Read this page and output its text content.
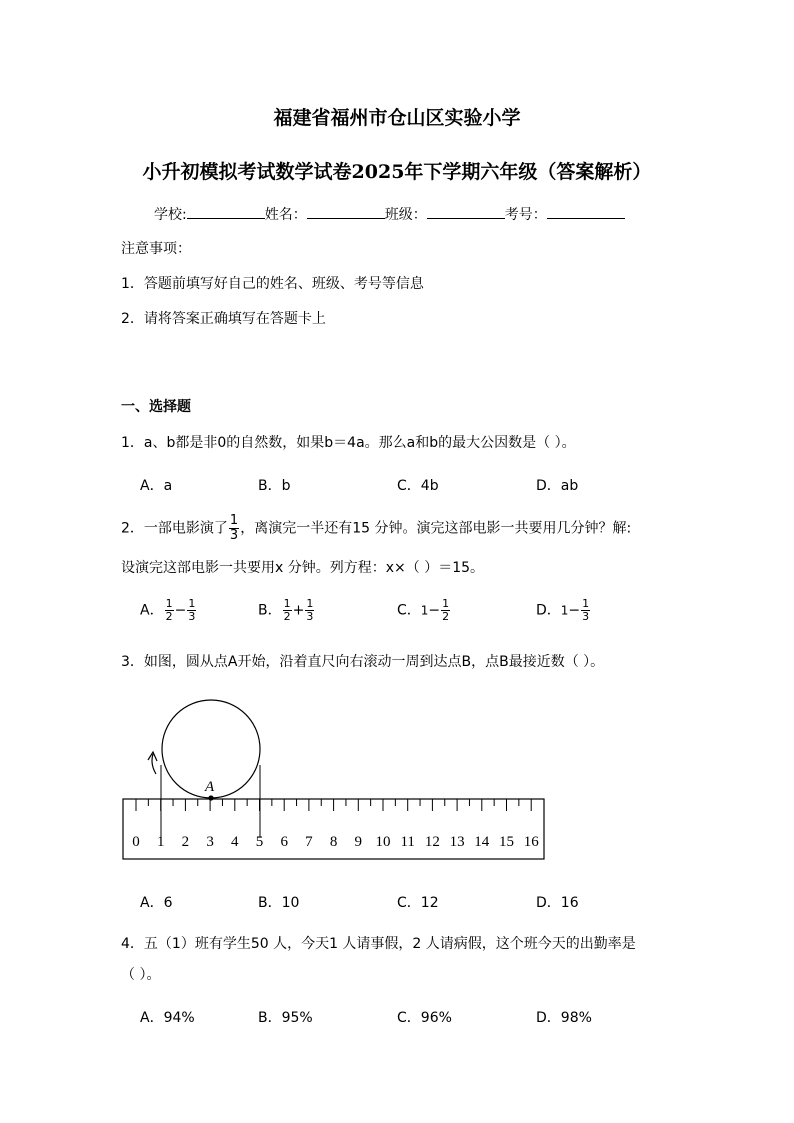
福建省福州市仓山区实验小学
小升初模拟考试数学试卷2025年下学期六年级（答案解析）
学校:	姓名：	班级：	考号：
注意事项：
1．答题前填写好自己的姓名、班级、考号等信息
2．请将答案正确填写在答题卡上
一、选择题
1．a、b都是非0的自然数，如果b＝4a。那么a和b的最大公因数是（ ）。
A．a	B．b	C．4b	D．ab
2．一部电影演了 $\frac{1}{3}$ ，离演完一半还有15 分钟。演完这部电影一共要用几分钟？解:
设演完这部电影一共要用x 分钟。列方程：x×（ ）＝15。
A． $\frac{1}{2} - \frac{1}{3}$	B． $\frac{1}{2} + \frac{1}{3}$	C．$1- \frac{1}{2}$	D．$1- \frac{1}{3}$
3．如图，圆从点A开始，沿着直尺向右滚动一周到达点B，点B最接近数（ ）。
A
0 1 2 3 4 5 6 7 8 9 10 11 12 13 14 15 16
A．6	B．10	C．12	D．16
4．五（1）班有学生50 人，今天1 人请事假，2 人请病假，这个班今天的出勤率是
（ ）。
A．94%	B．95%	C．96%	D．98%
